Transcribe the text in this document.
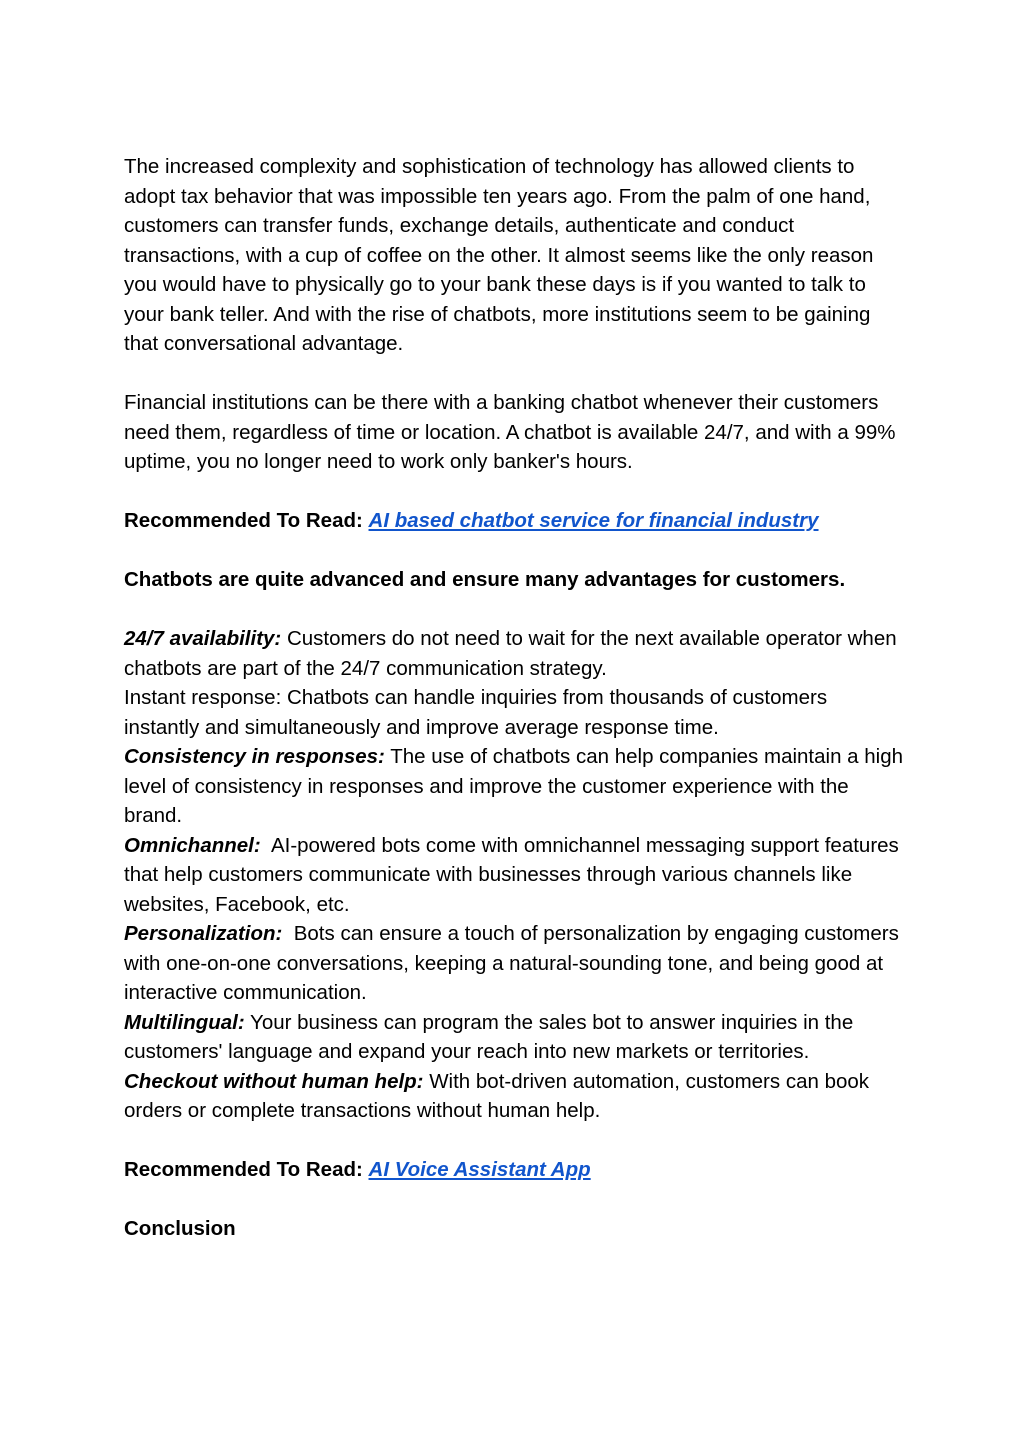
The increased complexity and sophistication of technology has allowed clients to adopt tax behavior that was impossible ten years ago. From the palm of one hand, customers can transfer funds, exchange details, authenticate and conduct transactions, with a cup of coffee on the other. It almost seems like the only reason you would have to physically go to your bank these days is if you wanted to talk to your bank teller. And with the rise of chatbots, more institutions seem to be gaining that conversational advantage.

Financial institutions can be there with a banking chatbot whenever their customers need them, regardless of time or location. A chatbot is available 24/7, and with a 99% uptime, you no longer need to work only banker's hours.

Recommended To Read: AI based chatbot service for financial industry

Chatbots are quite advanced and ensure many advantages for customers.

24/7 availability: Customers do not need to wait for the next available operator when chatbots are part of the 24/7 communication strategy.

Instant response: Chatbots can handle inquiries from thousands of customers instantly and simultaneously and improve average response time.

Consistency in responses: The use of chatbots can help companies maintain a high level of consistency in responses and improve the customer experience with the brand.

Omnichannel:  AI-powered bots come with omnichannel messaging support features that help customers communicate with businesses through various channels like websites, Facebook, etc.

Personalization:  Bots can ensure a touch of personalization by engaging customers with one-on-one conversations, keeping a natural-sounding tone, and being good at interactive communication.

Multilingual: Your business can program the sales bot to answer inquiries in the customers' language and expand your reach into new markets or territories.

Checkout without human help: With bot-driven automation, customers can book orders or complete transactions without human help.

Recommended To Read: AI Voice Assistant App

Conclusion
